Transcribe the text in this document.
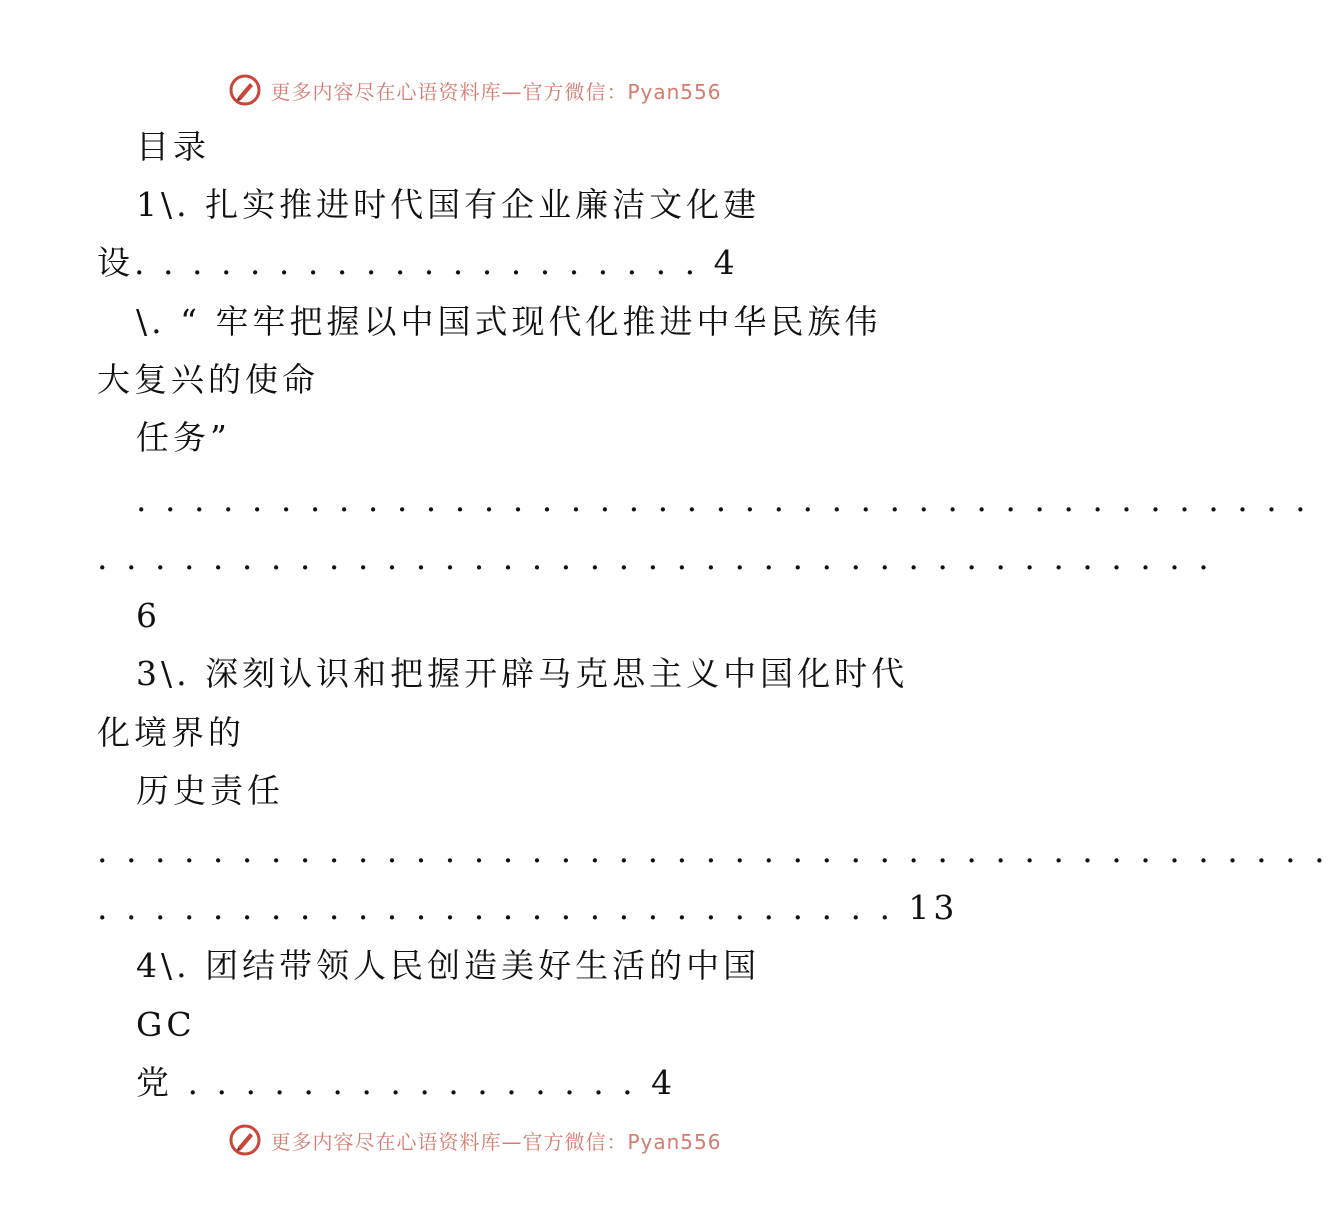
更多内容尽在心语资料库—官方微信：Pyan556
目录
1\. 扎实推进时代国有企业廉洁文化建
设. . . . . . . . . . . . . . . . . . . . 4
\. “ 牢牢把握以中国式现代化推进中华民族伟
大复兴的使命
任务”
. . . . . . . . . . . . . . . . . . . . . . . . . . . . . . . . . . . . . . . . .
. . . . . . . . . . . . . . . . . . . . . . . . . . . . . . . . . . . . . . .
6
3\. 深刻认识和把握开辟马克思主义中国化时代
化境界的
历史责任
. . . . . . . . . . . . . . . . . . . . . . . . . . . . . . . . . . . . . . . . . . .
. . . . . . . . . . . . . . . . . . . . . . . . . . . . 13
4\. 团结带领人民创造美好生活的中国
GC
党 . . . . . . . . . . . . . . . . 4
更多内容尽在心语资料库—官方微信：Pyan556
